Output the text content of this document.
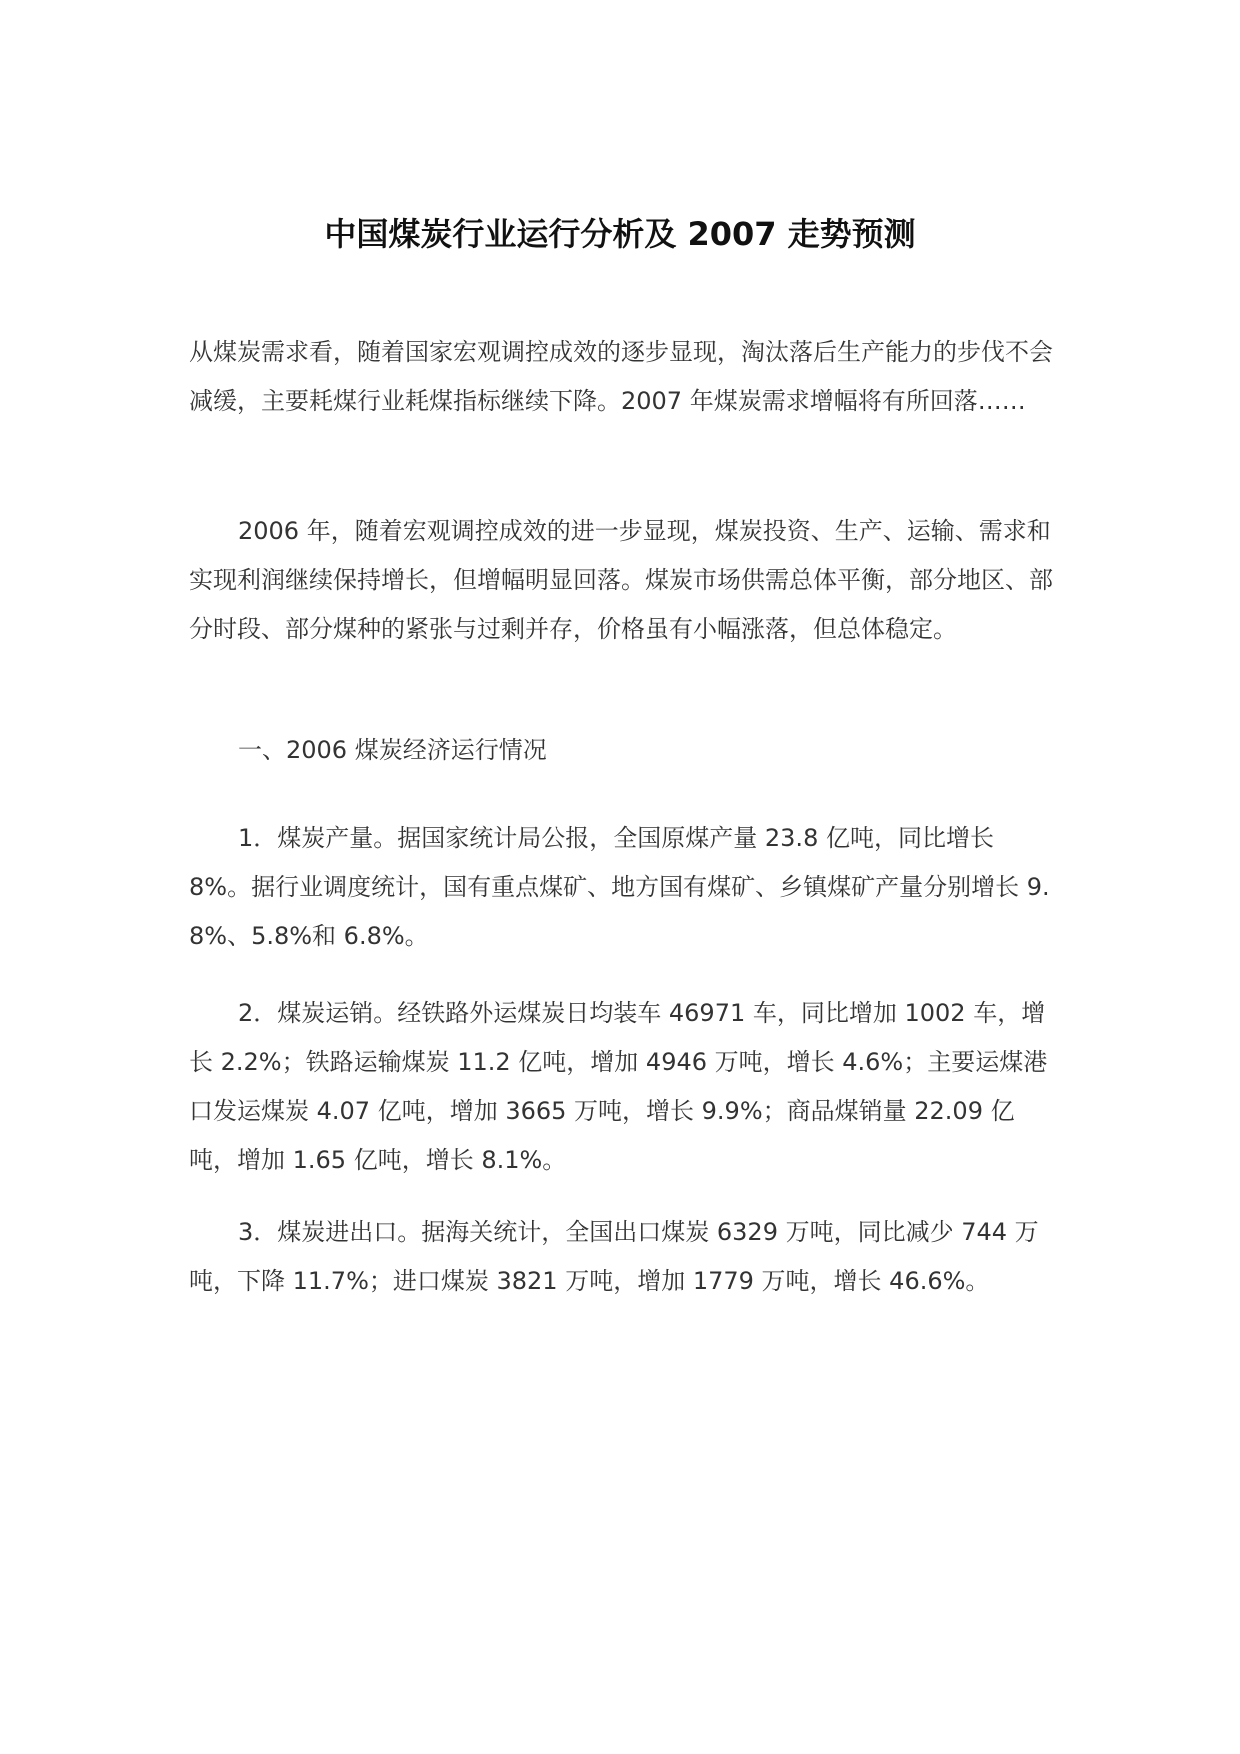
中国煤炭行业运行分析及 2007 走势预测

从煤炭需求看，随着国家宏观调控成效的逐步显现，淘汰落后生产能力的步伐不会减缓，主要耗煤行业耗煤指标继续下降。2007 年煤炭需求增幅将有所回落……

2006 年，随着宏观调控成效的进一步显现，煤炭投资、生产、运输、需求和实现利润继续保持增长，但增幅明显回落。煤炭市场供需总体平衡，部分地区、部分时段、部分煤种的紧张与过剩并存，价格虽有小幅涨落，但总体稳定。

一、2006 煤炭经济运行情况

1．煤炭产量。据国家统计局公报，全国原煤产量 23.8 亿吨，同比增长 8%。据行业调度统计，国有重点煤矿、地方国有煤矿、乡镇煤矿产量分别增长 9.8%、5.8%和 6.8%。

2．煤炭运销。经铁路外运煤炭日均装车 46971 车，同比增加 1002 车，增长 2.2%；铁路运输煤炭 11.2 亿吨，增加 4946 万吨，增长 4.6%；主要运煤港口发运煤炭 4.07 亿吨，增加 3665 万吨，增长 9.9%；商品煤销量 22.09 亿吨，增加 1.65 亿吨，增长 8.1%。

3．煤炭进出口。据海关统计，全国出口煤炭 6329 万吨，同比减少 744 万吨，下降 11.7%；进口煤炭 3821 万吨，增加 1779 万吨，增长 46.6%。
